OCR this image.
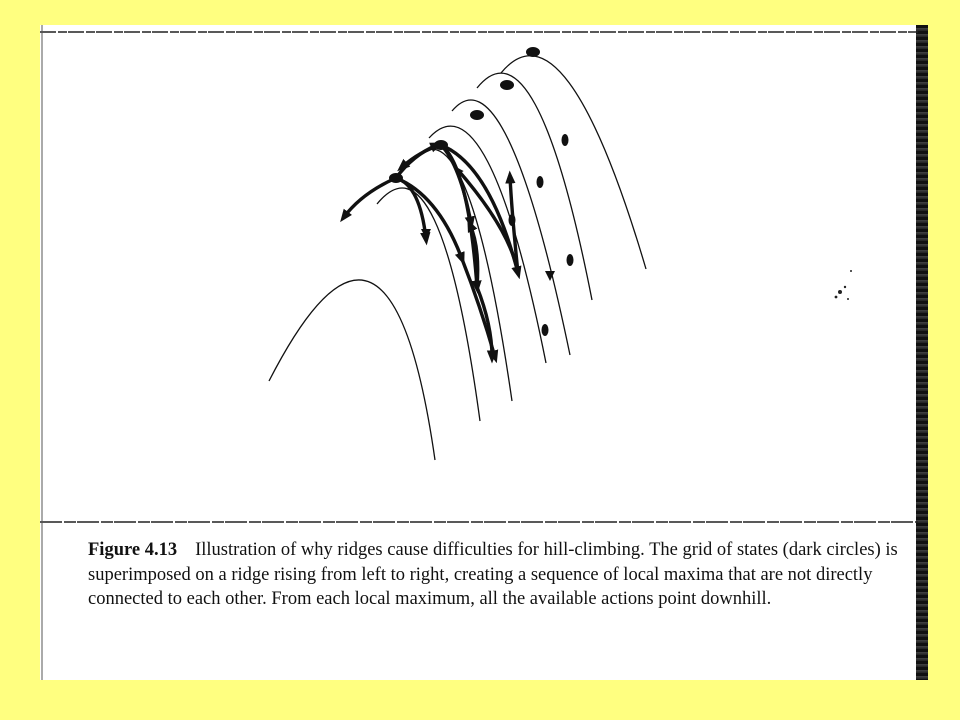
Figure 4.13 Illustration of why ridges cause difficulties for hill-climbing. The grid of states (dark circles) is superimposed on a ridge rising from left to right, creating a sequence of local maxima that are not directly connected to each other. From each local maximum, all the available actions point downhill.
